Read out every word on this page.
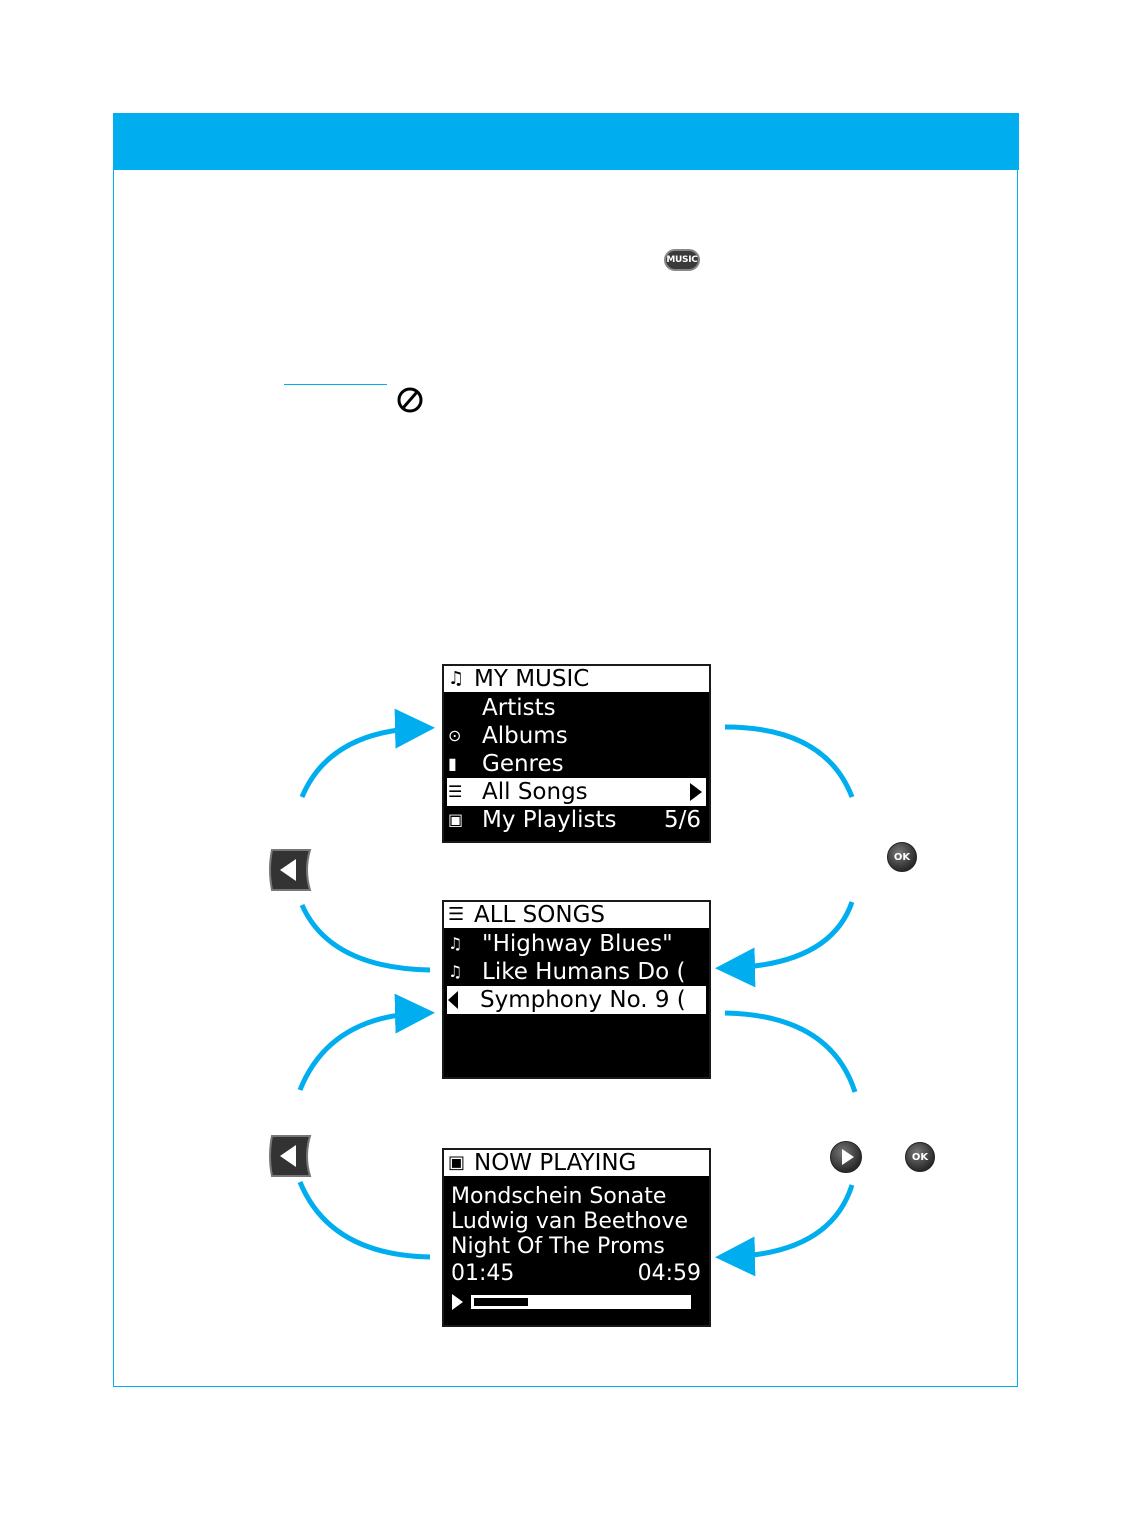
MUSIC
♫ MY MUSIC
Artists
⊙ Albums
▮	Genres
☰ All Songs
▣ My Playlists 5/6
☰ ALL SONGS
♫ "Highway Blues"
♫ Like Humans Do (
Symphony No. 9 (
▣ NOW PLAYING
Mondschein Sonate
Ludwig van Beethove
Night Of The Proms
01:45	04:59
OK
OK
